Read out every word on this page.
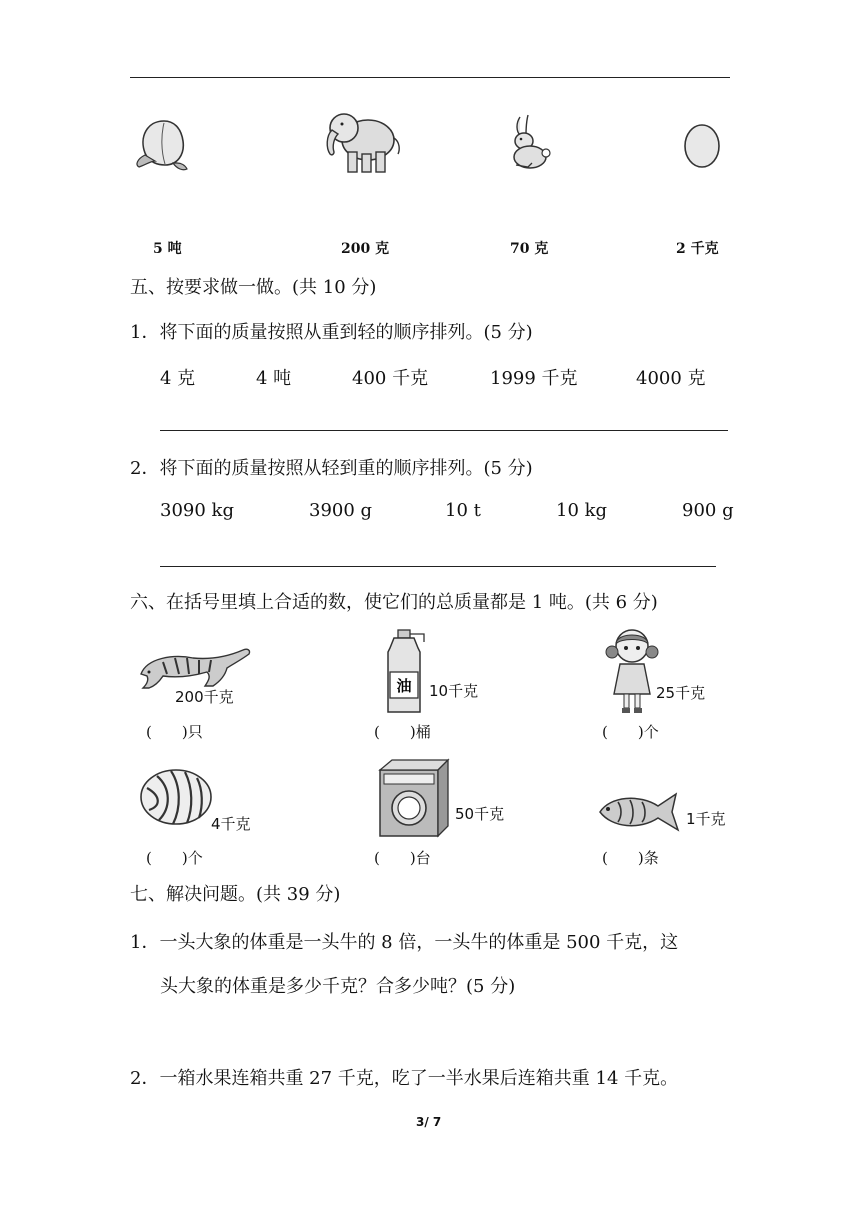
5 吨	200 克	70 克	2 千克
五、按要求做一做。(共 10 分)
1．将下面的质量按照从重到轻的顺序排列。(5 分)
4 克	4 吨	400 千克	1999 千克	4000 克
2．将下面的质量按照从轻到重的顺序排列。(5 分)
3090 kg	3900 g	10 t	10 kg	900 g
六、在括号里填上合适的数，使它们的总质量都是 1 吨。(共 6 分)
200千克
(　　)只
油 10千克
(　　)桶
25千克
(　　)个
4千克
(　　)个
50千克
(　　)台
1千克
(　　)条
七、解决问题。(共 39 分)
1．一头大象的体重是一头牛的 8 倍，一头牛的体重是 500 千克，这
头大象的体重是多少千克？合多少吨？(5 分)
2．一箱水果连箱共重 27 千克，吃了一半水果后连箱共重 14 千克。
3/ 7
